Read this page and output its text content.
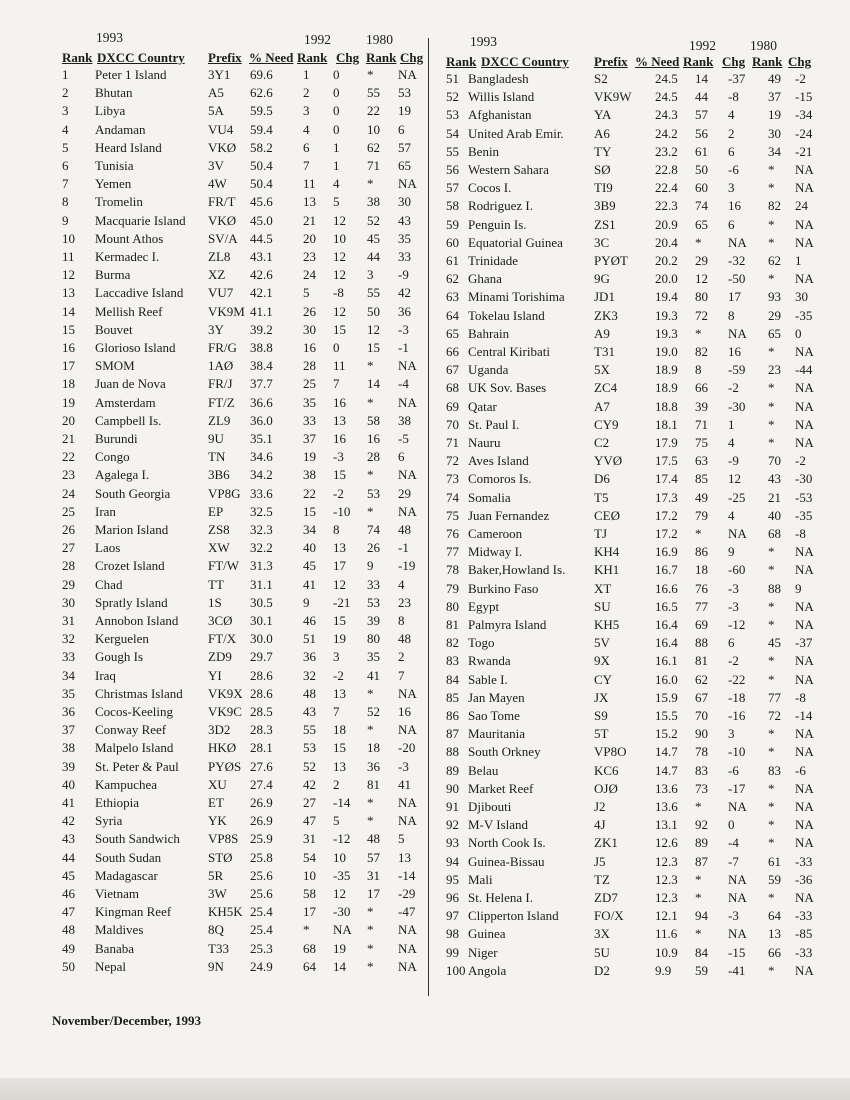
1993	1992	1980
Rank DXCC Country Prefix % Need Rank Chg Rank Chg
1993	1992	1980
Rank DXCC Country Prefix % Need Rank Chg Rank Chg
1 Peter 1 Island	3Y1 69.6 1 0 * NA
2 Bhutan	A5 62.6 2 0 55 53
3 Libya	5A 59.5 3 0 22 19
4 Andaman	VU4 59.4 4 0 10 6
5 Heard Island	VKØ 58.2 6 1 62 57
6 Tunisia	3V 50.4 7 1 71 65
7 Yemen	4W 50.4 11 4 * NA
8 Tromelin	FR/T 45.6 13 5 38 30
9 Macquarie Island VKØ 45.0 21 12 52 43
10 Mount Athos	SV/A 44.5 20 10 45 35
11 Kermadec I.	ZL8 43.1 23 12 44 33
12 Burma	XZ 42.6 24 12 3 -9
13 Laccadive Island VU7 42.1 5 -8 55 42
14 Mellish Reef	VK9M 41.1 26 12 50 36
15 Bouvet	3Y 39.2 30 15 12 -3
16 Glorioso Island FR/G 38.8 16 0 15 -1
17 SMOM	1AØ 38.4 28 11 * NA
18 Juan de Nova	FR/J 37.7 25 7 14 -4
19 Amsterdam	FT/Z 36.6 35 16 * NA
20 Campbell Is.	ZL9 36.0 33 13 58 38
21 Burundi	9U 35.1 37 16 16 -5
22 Congo	TN 34.6 19 -3 28 6
23 Agalega I.	3B6 34.2 38 15 * NA
24 South Georgia	VP8G 33.6 22 -2 53 29
25 Iran	EP 32.5 15 -10 * NA
26 Marion Island	ZS8 32.3 34 8 74 48
27 Laos	XW 32.2 40 13 26 -1
28 Crozet Island	FT/W 31.3 45 17 9 -19
29 Chad	TT 31.1 41 12 33 4
30 Spratly Island	1S 30.5 9 -21 53 23
31 Annobon Island 3CØ 30.1 46 15 39 8
32 Kerguelen	FT/X 30.0 51 19 80 48
33 Gough Is	ZD9 29.7 36 3 35 2
34 Iraq	YI 28.6 32 -2 41 7
35 Christmas Island VK9X 28.6 48 13 * NA
36 Cocos-Keeling	VK9C 28.5 43 7 52 16
37 Conway Reef	3D2 28.3 55 18 * NA
38 Malpelo Island	HKØ 28.1 53 15 18 -20
39 St. Peter & Paul PYØS 27.6 52 13 36 -3
40 Kampuchea	XU 27.4 42 2 81 41
41 Ethiopia	ET 26.9 27 -14 * NA
42 Syria	YK 26.9 47 5 * NA
43 South Sandwich VP8S 25.9 31 -12 48 5
44 South Sudan	STØ 25.8 54 10 57 13
45 Madagascar	5R 25.6 10 -35 31 -14
46 Vietnam	3W 25.6 58 12 17 -29
47 Kingman Reef	KH5K 25.4 17 -30 * -47
48 Maldives	8Q 25.4 * NA * NA
49 Banaba	T33 25.3 68 19 * NA
50 Nepal	9N 24.9 64 14 * NA
51 Bangladesh	S2	24.5 14 -37 49 -2
52 Willis Island	VK9W 24.5 44 -8 37 -15
53 Afghanistan	YA	24.3 57 4	19 -34
54 United Arab Emir. A6	24.2 56 2	30 -24
55 Benin	TY	23.2 61 6	34 -21
56 Western Sahara	SØ	22.8 50 -6 * NA
57 Cocos I.	TI9	22.4 60 3	* NA
58 Rodriguez I.	3B9	22.3 74 16 82 24
59 Penguin Is.	ZS1	20.9 65 6	* NA
60 Equatorial Guinea 3C	20.4 * NA * NA
61 Trinidade	PYØT 20.2 29 -32 62 1
62 Ghana	9G	20.0 12 -50 * NA
63 Minami Torishima JD1	19.4 80 17 93 30
64 Tokelau Island	ZK3	19.3 72 8	29 -35
65 Bahrain	A9	19.3 * NA 65 0
66 Central Kiribati	T31	19.0 82 16 * NA
67 Uganda	5X	18.9 8 -59 23 -44
68 UK Sov. Bases	ZC4	18.9 66 -2 * NA
69 Qatar	A7	18.8 39 -30 * NA
70 St. Paul I.	CY9	18.1 71 1	* NA
71 Nauru	C2	17.9 75 4	* NA
72 Aves Island	YVØ	17.5 63 -9 70 -2
73 Comoros Is.	D6	17.4 85 12 43 -30
74 Somalia	T5	17.3 49 -25 21 -53
75 Juan Fernandez	CEØ	17.2 79 4	40 -35
76 Cameroon	TJ	17.2 * NA 68 -8
77 Midway I.	KH4	16.9 86 9	* NA
78 Baker,Howland Is. KH1	16.7 18 -60 * NA
79 Burkino Faso	XT	16.6 76 -3 88 9
80 Egypt	SU	16.5 77 -3 * NA
81 Palmyra Island	KH5	16.4 69 -12 * NA
82 Togo	5V	16.4 88 6	45 -37
83 Rwanda	9X	16.1 81 -2 * NA
84 Sable I.	CY	16.0 62 -22 * NA
85 Jan Mayen	JX	15.9 67 -18 77 -8
86 Sao Tome	S9	15.5 70 -16 72 -14
87 Mauritania	5T	15.2 90 3	* NA
88 South Orkney	VP8O 14.7 78 -10 * NA
89 Belau	KC6	14.7 83 -6 83 -6
90 Market Reef	OJØ	13.6 73 -17 * NA
91 Djibouti	J2	13.6 * NA * NA
92 M-V Island	4J	13.1 92 0	* NA
93 North Cook Is.	ZK1	12.6 89 -4 * NA
94 Guinea-Bissau	J5	12.3 87 -7 61 -33
95 Mali	TZ	12.3 * NA 59 -36
96 St. Helena I.	ZD7	12.3 * NA * NA
97 Clipperton Island	FO/X 12.1 94 -3 64 -33
98 Guinea	3X	11.6 * NA 13 -85
99 Niger	5U	10.9 84 -15 66 -33
100 Angola	D2	9.9 59 -41 * NA
November/December, 1993
